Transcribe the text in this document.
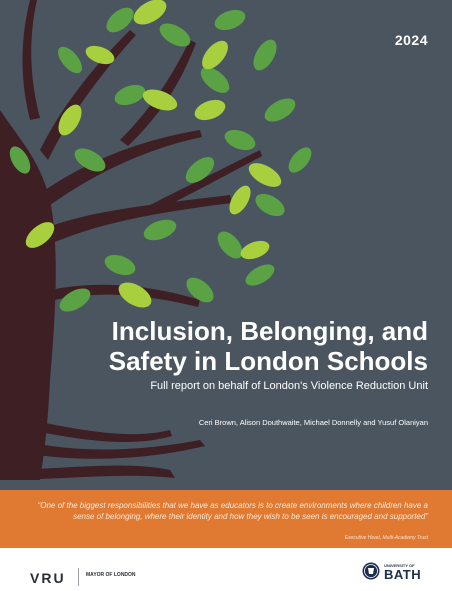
2024
Inclusion, Belonging, and Safety in London Schools
Full report on behalf of London's Violence Reduction Unit
Ceri Brown, Alison Douthwaite, Michael Donnelly and Yusuf Olaniyan
“One of the biggest responsibilities that we have as educators is to create environments where children have a sense of belonging, where their identity and how they wish to be seen is encouraged and supported”
Executive Head, Multi-Academy Trust
VRU	MAYOR OF LONDON
UNIVERSITY OF
BATH
